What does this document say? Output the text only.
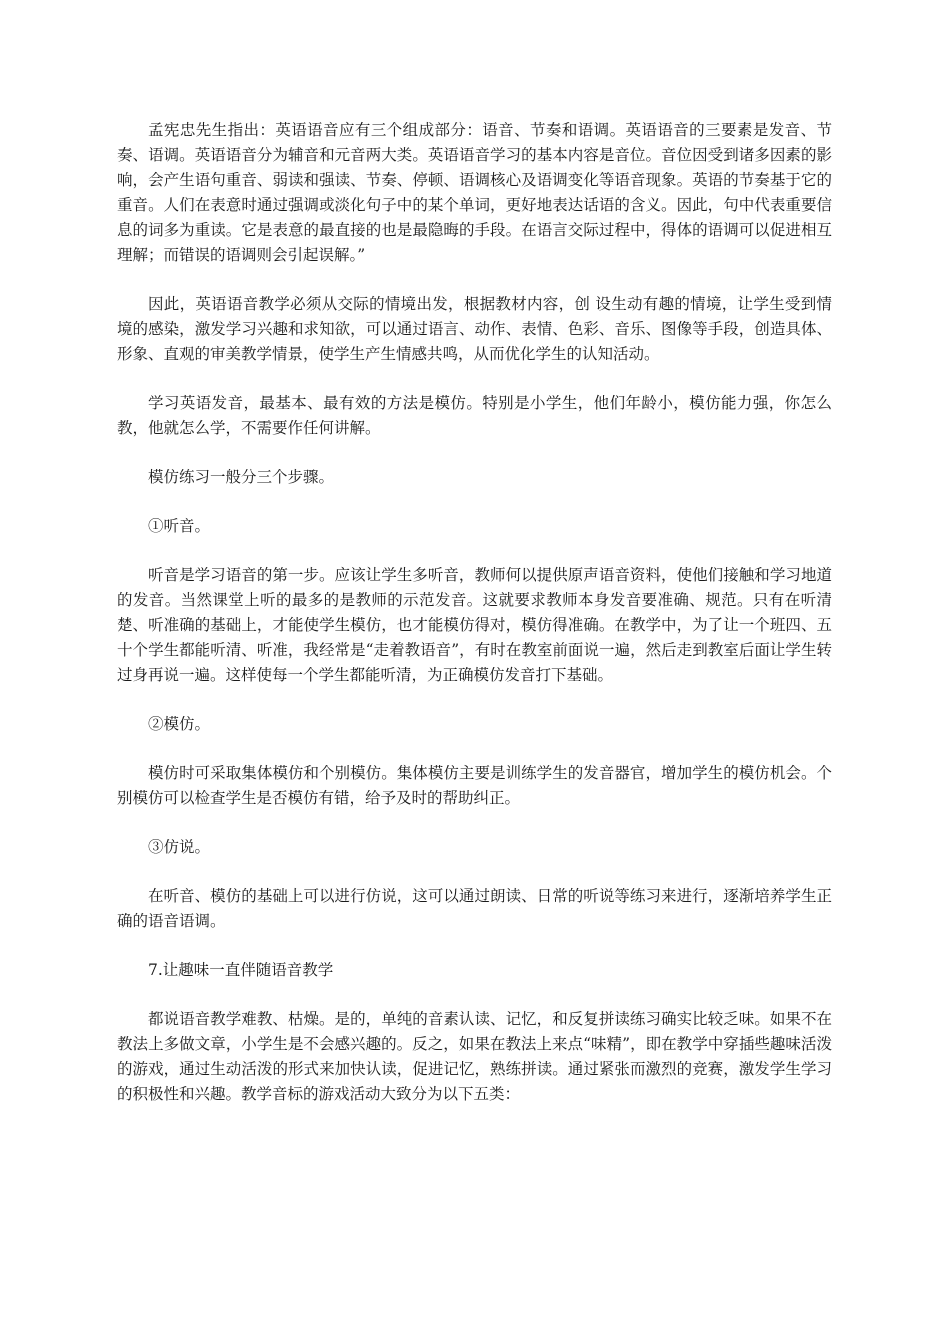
孟宪忠先生指出：英语语音应有三个组成部分：语音、节奏和语调。英语语音的三要素是发音、节奏、语调。英语语音分为辅音和元音两大类。英语语音学习的基本内容是音位。音位因受到诸多因素的影响，会产生语句重音、弱读和强读、节奏、停顿、语调核心及语调变化等语音现象。英语的节奏基于它的重音。人们在表意时通过强调或淡化句子中的某个单词，更好地表达话语的含义。因此，句中代表重要信息的词多为重读。它是表意的最直接的也是最隐晦的手段。在语言交际过程中，得体的语调可以促进相互理解；而错误的语调则会引起误解。”

因此，英语语音教学必须从交际的情境出发，根据教材内容，创 设生动有趣的情境，让学生受到情境的感染，激发学习兴趣和求知欲，可以通过语言、动作、表情、色彩、音乐、图像等手段，创造具体、形象、直观的审美教学情景，使学生产生情感共鸣，从而优化学生的认知活动。

学习英语发音，最基本、最有效的方法是模仿。特别是小学生，他们年龄小，模仿能力强，你怎么教，他就怎么学，不需要作任何讲解。

模仿练习一般分三个步骤。

①听音。

听音是学习语音的第一步。应该让学生多听音，教师何以提供原声语音资料，使他们接触和学习地道的发音。当然课堂上听的最多的是教师的示范发音。这就要求教师本身发音要准确、规范。只有在听清楚、听准确的基础上，才能使学生模仿，也才能模仿得对，模仿得准确。在教学中，为了让一个班四、五十个学生都能听清、听准，我经常是“走着教语音”，有时在教室前面说一遍，然后走到教室后面让学生转过身再说一遍。这样使每一个学生都能听清，为正确模仿发音打下基础。

②模仿。

模仿时可采取集体模仿和个别模仿。集体模仿主要是训练学生的发音器官，增加学生的模仿机会。个别模仿可以检查学生是否模仿有错，给予及时的帮助纠正。

③仿说。

在听音、模仿的基础上可以进行仿说，这可以通过朗读、日常的听说等练习来进行，逐渐培养学生正确的语音语调。

7.让趣味一直伴随语音教学

都说语音教学难教、枯燥。是的，单纯的音素认读、记忆，和反复拼读练习确实比较乏味。如果不在教法上多做文章，小学生是不会感兴趣的。反之，如果在教法上来点“味精”，即在教学中穿插些趣味活泼的游戏，通过生动活泼的形式来加快认读，促进记忆，熟练拼读。通过紧张而激烈的竞赛，激发学生学习的积极性和兴趣。教学音标的游戏活动大致分为以下五类：
